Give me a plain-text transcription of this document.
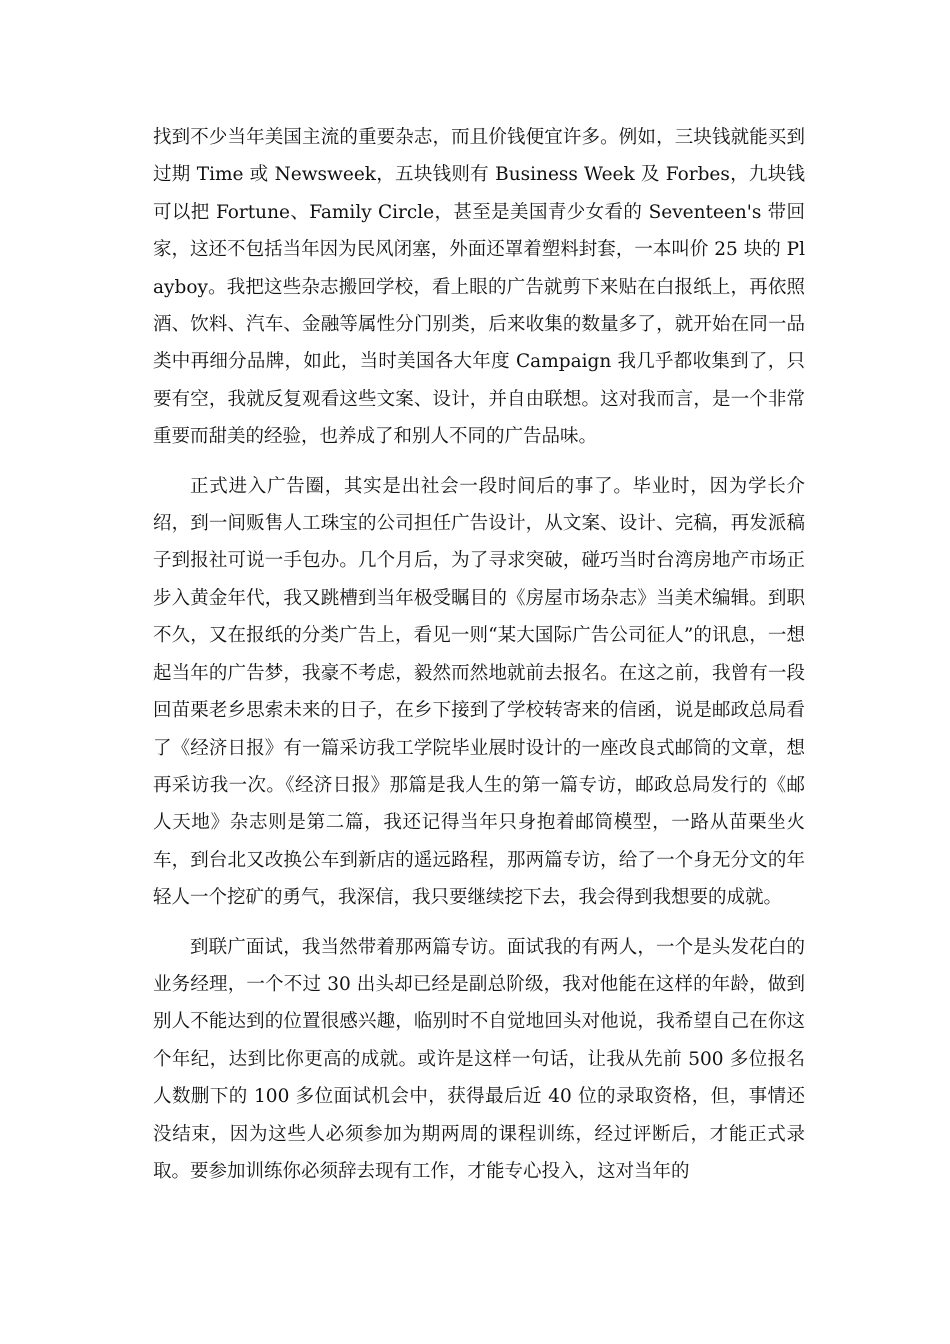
找到不少当年美国主流的重要杂志，而且价钱便宜许多。例如，三块钱就能买到过期 Time 或 Newsweek，五块钱则有 Business Week 及 Forbes，九块钱可以把 Fortune、Family Circle，甚至是美国青少女看的 Seventeen's 带回家，这还不包括当年因为民风闭塞，外面还罩着塑料封套，一本叫价 25 块的 Playboy。我把这些杂志搬回学校，看上眼的广告就剪下来贴在白报纸上，再依照酒、饮料、汽车、金融等属性分门别类，后来收集的数量多了，就开始在同一品类中再细分品牌，如此，当时美国各大年度 Campaign 我几乎都收集到了，只要有空，我就反复观看这些文案、设计，并自由联想。这对我而言，是一个非常重要而甜美的经验，也养成了和别人不同的广告品味。

正式进入广告圈，其实是出社会一段时间后的事了。毕业时，因为学长介绍，到一间贩售人工珠宝的公司担任广告设计，从文案、设计、完稿，再发派稿子到报社可说一手包办。几个月后，为了寻求突破，碰巧当时台湾房地产市场正步入黄金年代，我又跳槽到当年极受瞩目的《房屋市场杂志》当美术编辑。到职不久，又在报纸的分类广告上，看见一则“某大国际广告公司征人”的讯息，一想起当年的广告梦，我豪不考虑，毅然而然地就前去报名。在这之前，我曾有一段回苗栗老乡思索未来的日子，在乡下接到了学校转寄来的信函，说是邮政总局看了《经济日报》有一篇采访我工学院毕业展时设计的一座改良式邮筒的文章，想再采访我一次。《经济日报》那篇是我人生的第一篇专访，邮政总局发行的《邮人天地》杂志则是第二篇，我还记得当年只身抱着邮筒模型，一路从苗栗坐火车，到台北又改换公车到新店的遥远路程，那两篇专访，给了一个身无分文的年轻人一个挖矿的勇气，我深信，我只要继续挖下去，我会得到我想要的成就。

到联广面试，我当然带着那两篇专访。面试我的有两人，一个是头发花白的业务经理，一个不过 30 出头却已经是副总阶级，我对他能在这样的年龄，做到别人不能达到的位置很感兴趣，临别时不自觉地回头对他说，我希望自己在你这个年纪，达到比你更高的成就。或许是这样一句话，让我从先前 500 多位报名人数删下的 100 多位面试机会中，获得最后近 40 位的录取资格，但，事情还没结束，因为这些人必须参加为期两周的课程训练，经过评断后，才能正式录取。要参加训练你必须辞去现有工作，才能专心投入，这对当年的
